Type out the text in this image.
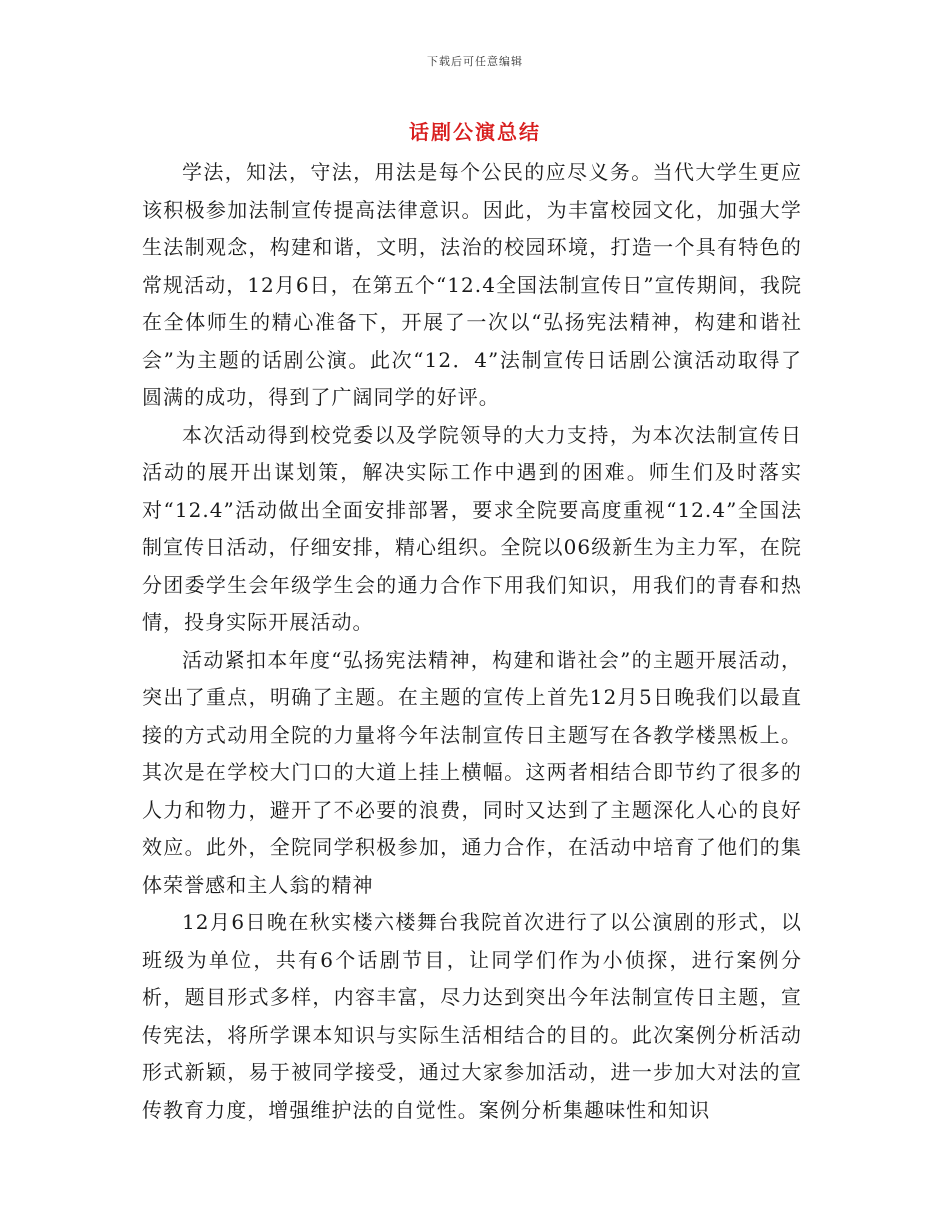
下载后可任意编辑
话剧公演总结

学法，知法，守法，用法是每个公民的应尽义务。当代大学生更应该积极参加法制宣传提高法律意识。因此，为丰富校园文化，加强大学生法制观念，构建和谐，文明，法治的校园环境，打造一个具有特色的常规活动，12月6日，在第五个“12.4全国法制宣传日”宣传期间，我院在全体师生的精心准备下，开展了一次以“弘扬宪法精神，构建和谐社会”为主题的话剧公演。此次“12．4”法制宣传日话剧公演活动取得了圆满的成功，得到了广阔同学的好评。

本次活动得到校党委以及学院领导的大力支持，为本次法制宣传日活动的展开出谋划策，解决实际工作中遇到的困难。师生们及时落实对“12.4”活动做出全面安排部署，要求全院要高度重视“12.4”全国法制宣传日活动，仔细安排，精心组织。全院以06级新生为主力军，在院分团委学生会年级学生会的通力合作下用我们知识，用我们的青春和热情，投身实际开展活动。

活动紧扣本年度“弘扬宪法精神，构建和谐社会”的主题开展活动，突出了重点，明确了主题。在主题的宣传上首先12月5日晚我们以最直接的方式动用全院的力量将今年法制宣传日主题写在各教学楼黑板上。其次是在学校大门口的大道上挂上横幅。这两者相结合即节约了很多的人力和物力，避开了不必要的浪费，同时又达到了主题深化人心的良好效应。此外，全院同学积极参加，通力合作，在活动中培育了他们的集体荣誉感和主人翁的精神

12月6日晚在秋实楼六楼舞台我院首次进行了以公演剧的形式，以班级为单位，共有6个话剧节目，让同学们作为小侦探，进行案例分析，题目形式多样，内容丰富，尽力达到突出今年法制宣传日主题，宣传宪法，将所学课本知识与实际生活相结合的目的。此次案例分析活动形式新颖，易于被同学接受，通过大家参加活动，进一步加大对法的宣传教育力度，增强维护法的自觉性。案例分析集趣味性和知识
